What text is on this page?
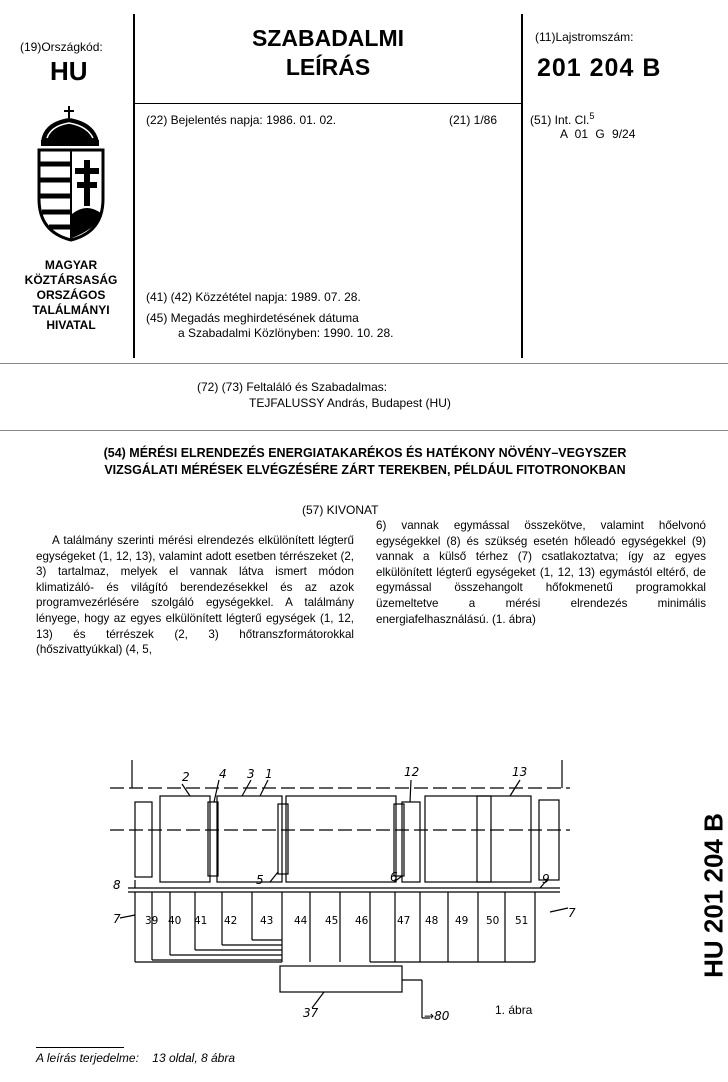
(19)Országkód:
HU
MAGYAR
KÖZTÁRSASÁG
ORSZÁGOS
TALÁLMÁNYI
HIVATAL
SZABADALMI
LEÍRÁS
(22) Bejelentés napja: 1986. 01. 02.	(21) 1/86
(41) (42) Közzététel napja: 1989. 07. 28.
(45) Megadás meghirdetésének dátuma
a Szabadalmi Közlönyben: 1990. 10. 28.
(11)Lajstromszám:
201 204 B
(51) Int. Cl.$^5$
A 01 G 9/24
(72) (73) Feltaláló és Szabadalmas:
TEJFALUSSY András, Budapest (HU)
(54) MÉRÉSI ELRENDEZÉS ENERGIATAKARÉKOS ÉS HATÉKONY NÖVÉNY–VEGYSZER
VIZSGÁLATI MÉRÉSEK ELVÉGZÉSÉRE ZÁRT TEREKBEN, PÉLDÁUL FITOTRONOKBAN
(57) KIVONAT
A találmány szerinti mérési elrendezés elkülönített légterű egységeket (1, 12, 13), valamint adott esetben térrészeket (2, 3) tartalmaz, melyek el vannak látva ismert módon klimatizáló- és világító berendezésekkel és az azok programvezérlésére szolgáló egységekkel. A találmány lényege, hogy az egyes elkülönített légterű egységek (1, 12, 13) és térrészek (2, 3) hőtranszformátorokkal (hőszivattyúkkal) (4, 5,
6) vannak egymással összekötve, valamint hőelvonó egységekkel (8) és szükség esetén hőleadó egységekkel (9) vannak a külső térhez (7) csatlakoztatva; így az egyes elkülönített légterű egységeket (1, 12, 13) egymástól eltérő, de egymással összehangolt hőfokmenetű programokkal üzemeltetve a mérési elrendezés minimális energiafelhasználású. (1. ábra)
2 4 3 1	12	13
8
7
5	6	9
7
39 40 41 42 43 44 45 46	47 48 49 50 51
37	→80	1. ábra
A leírás terjedelme: 13 oldal, 8 ábra
HU 201 204 B
